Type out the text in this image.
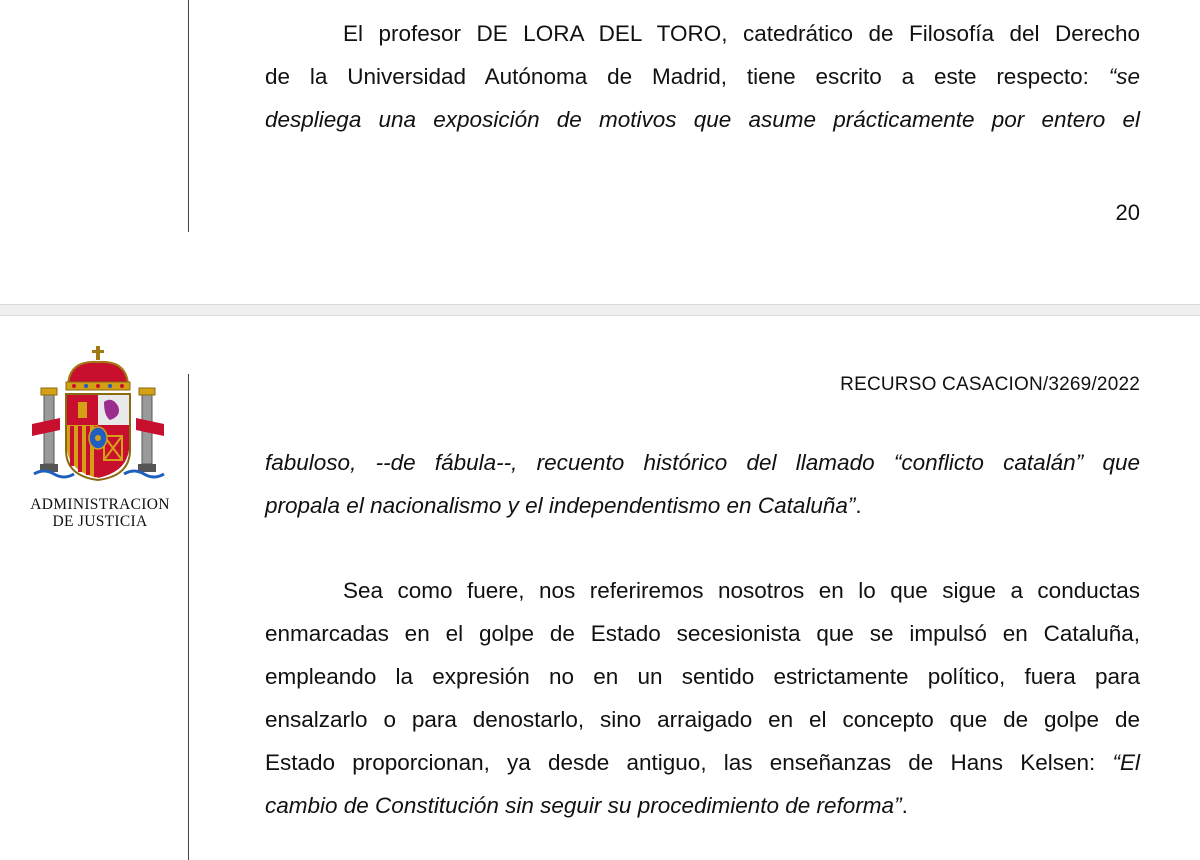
El profesor DE LORA DEL TORO, catedrático de Filosofía del Derecho
de la Universidad Autónoma de Madrid, tiene escrito a este respecto: “se
despliega una exposición de motivos que asume prácticamente por entero el

20
ADMINISTRACION
DE JUSTICIA
RECURSO CASACION/3269/2022

fabuloso, --de fábula--, recuento histórico del llamado “conflicto catalán” que
propala el nacionalismo y el independentismo en Cataluña”.

Sea como fuere, nos referiremos nosotros en lo que sigue a conductas
enmarcadas en el golpe de Estado secesionista que se impulsó en Cataluña,
empleando la expresión no en un sentido estrictamente político, fuera para
ensalzarlo o para denostarlo, sino arraigado en el concepto que de golpe de
Estado proporcionan, ya desde antiguo, las enseñanzas de Hans Kelsen: “El
cambio de Constitución sin seguir su procedimiento de reforma”.
